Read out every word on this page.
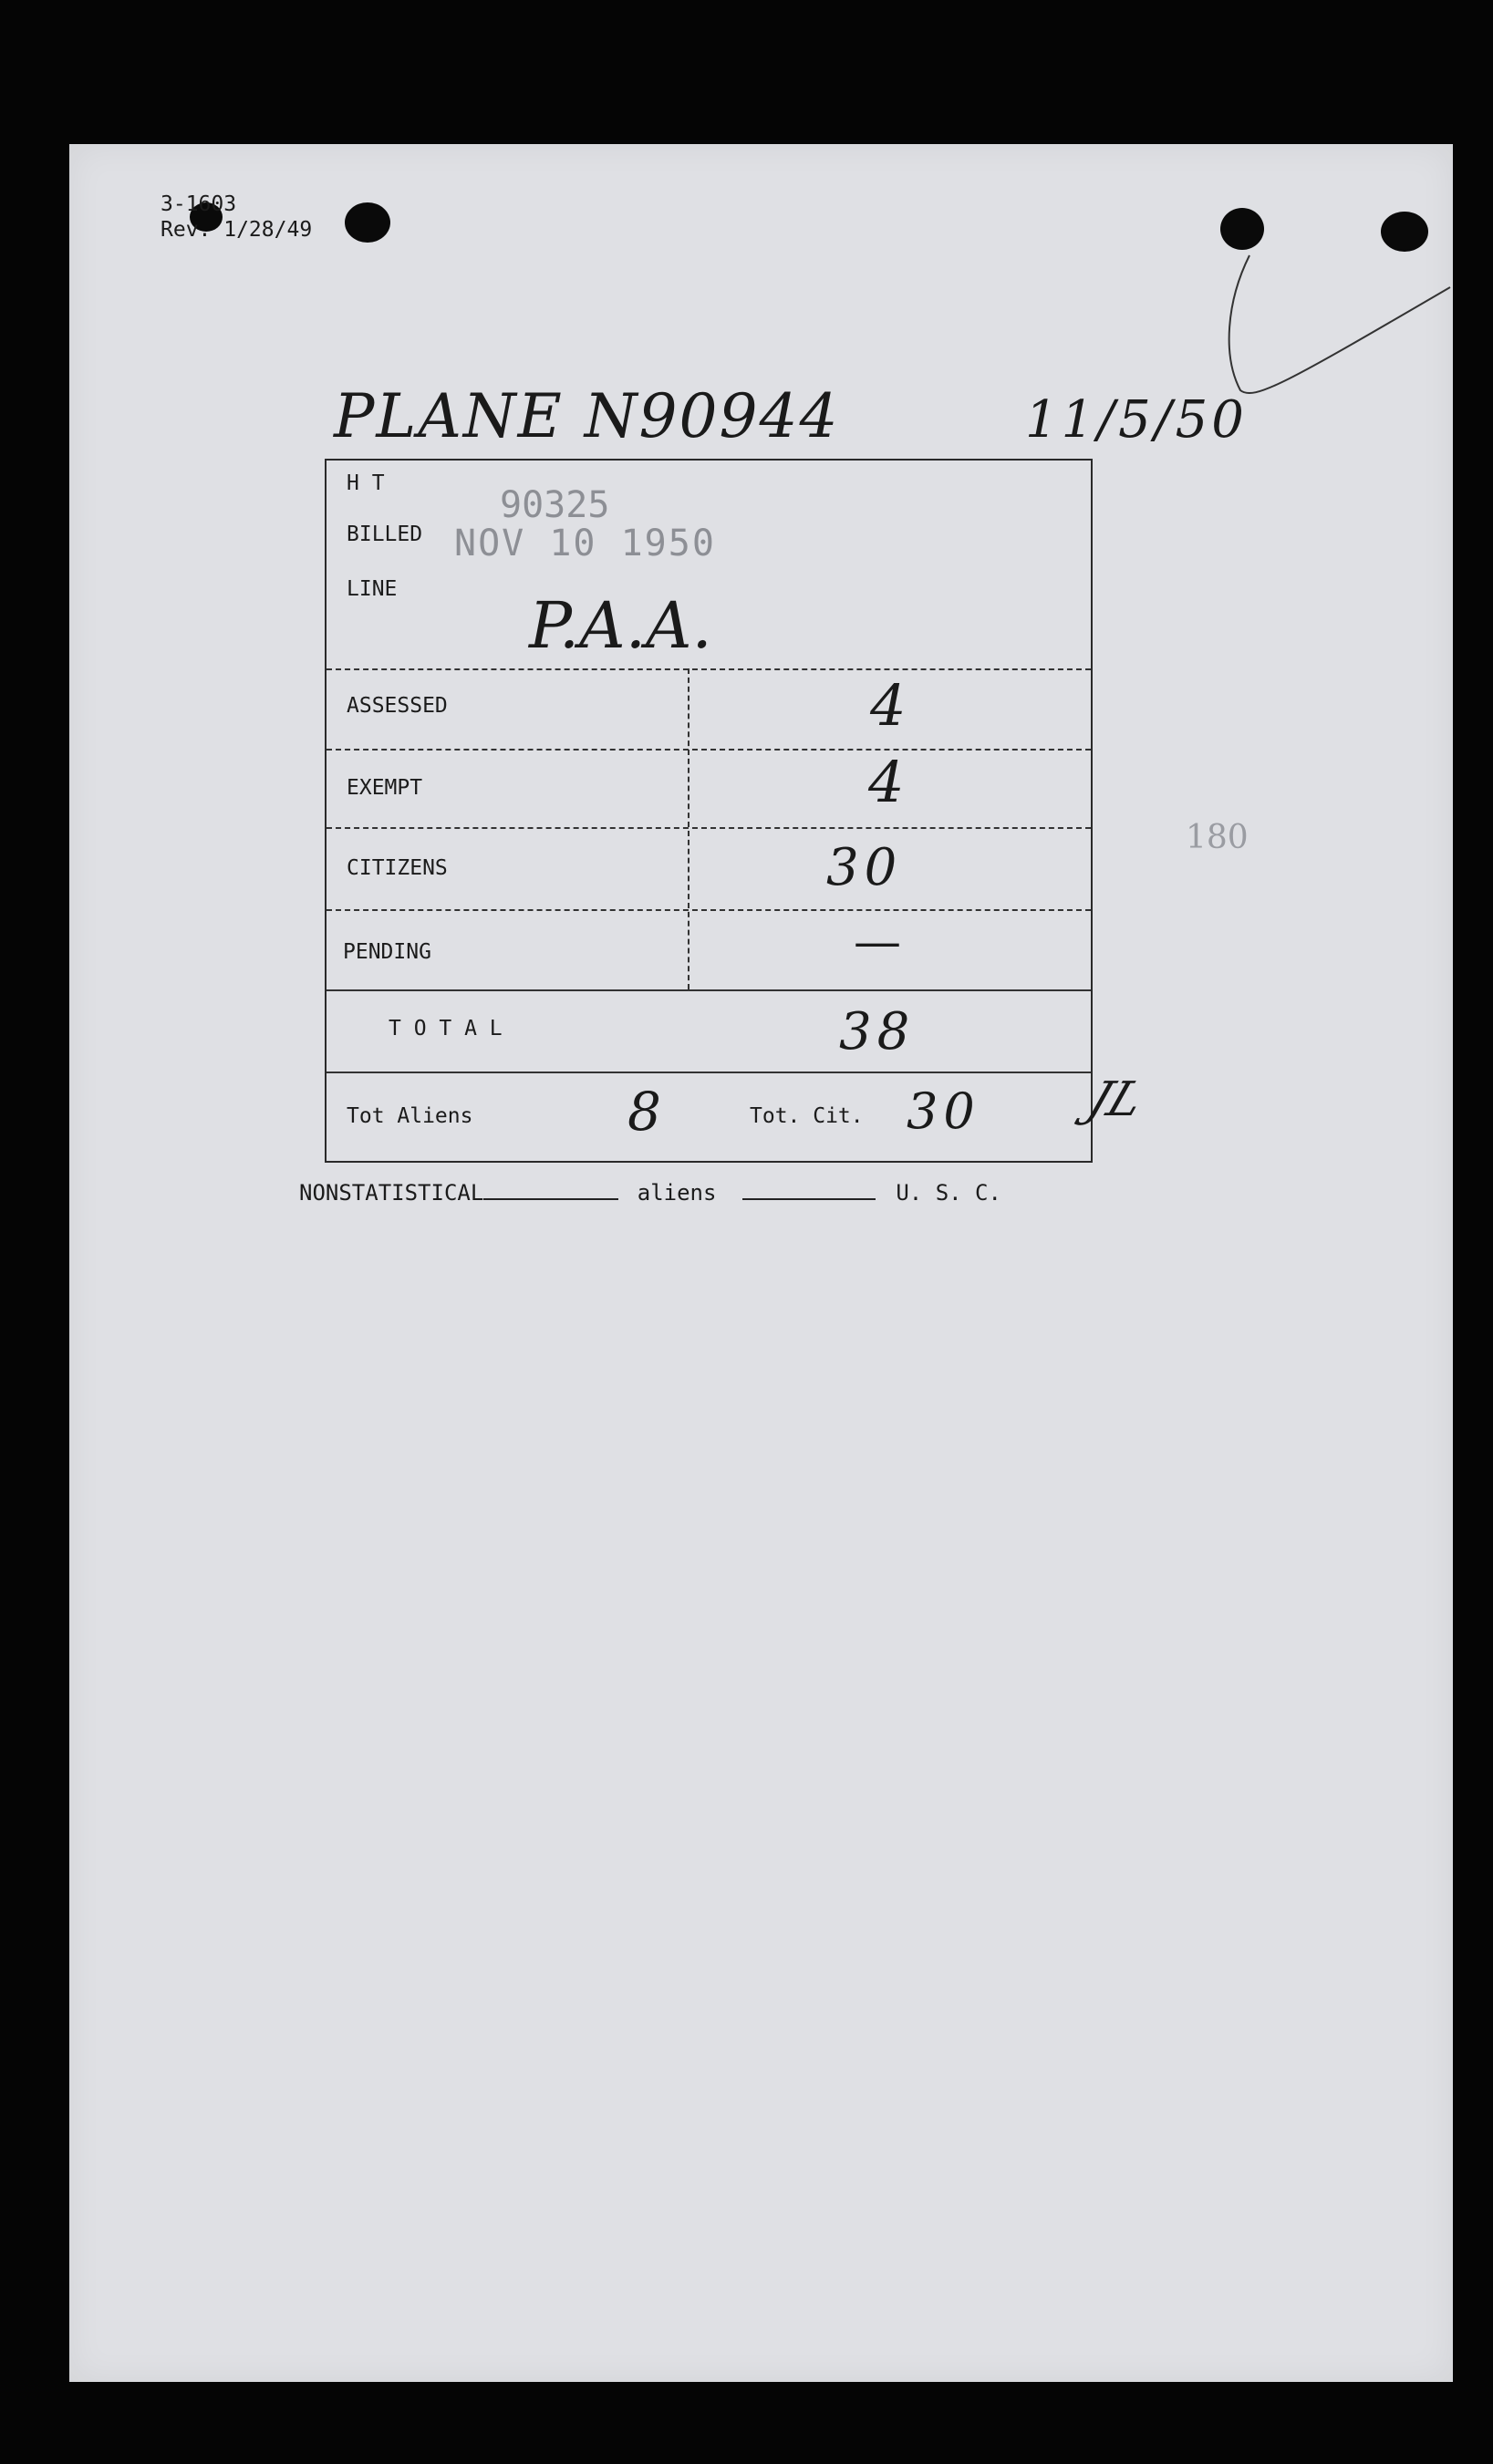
3-1603
Rev. 1/28/49
PLANE N90944	11/5/50
H T
90325
BILLED NOV 10 1950
LINE P.A.A.
ASSESSED	4
EXEMPT	4
CITIZENS	30
PENDING	—
T O T A L	38
Tot Aliens	8	Tot. Cit. 30 JL
180
NONSTATISTICAL	aliens	U. S. C.
